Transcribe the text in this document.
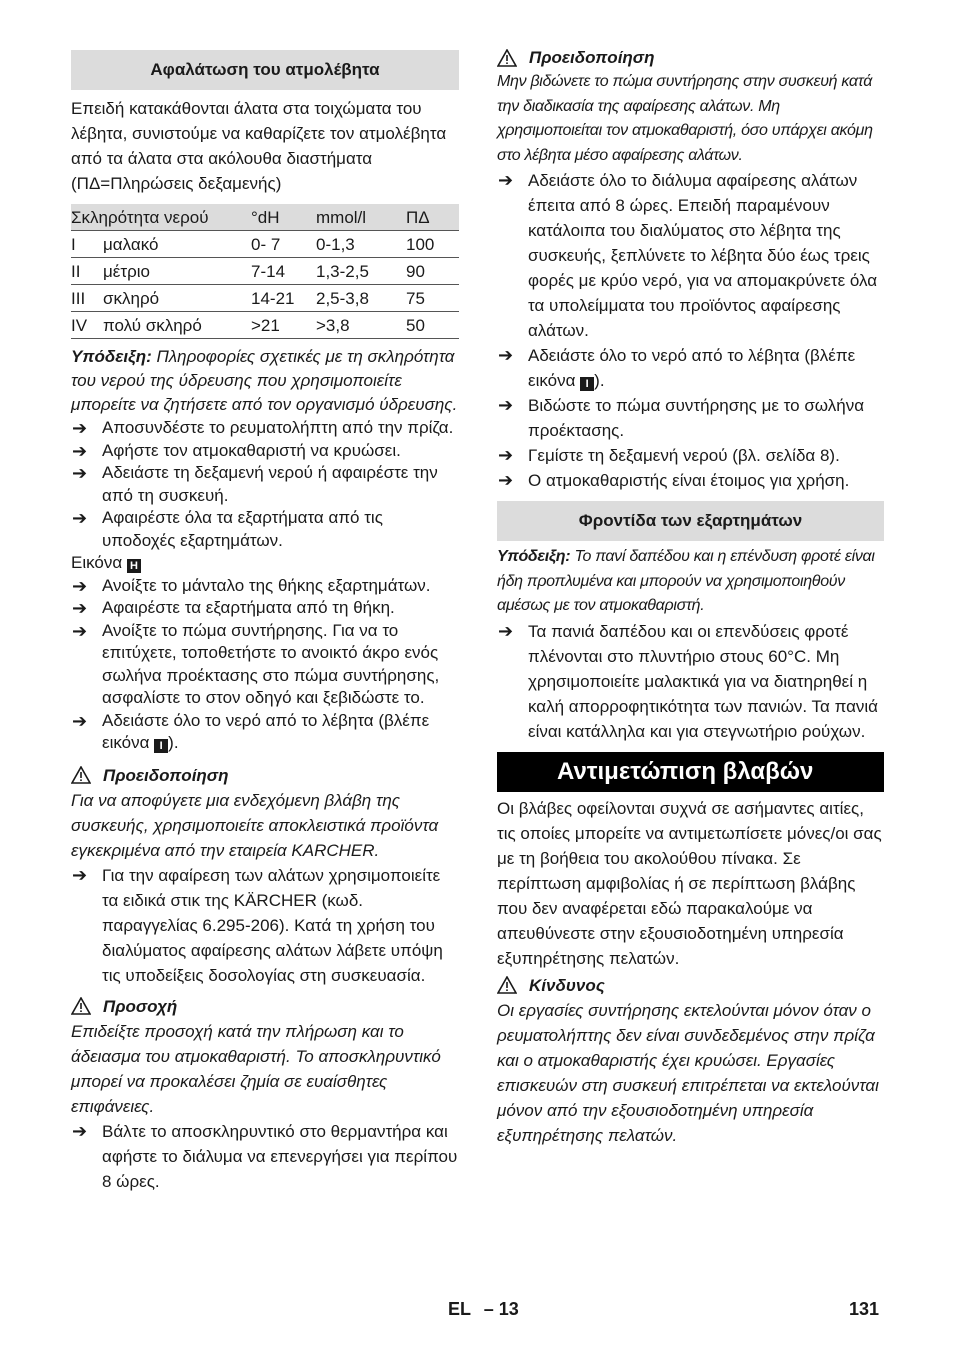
Αφαλάτωση του ατμολέβητα

Επειδή κατακάθονται άλατα στα τοιχώματα του λέβητα, συνιστούμε να καθαρίζετε τον ατμολέβητα από τα άλατα στα ακόλουθα διαστήματα (ΠΔ=Πληρώσεις δεξαμενής)

Σκληρότητα νερού		°dH	mmol/l	ΠΔ
I	μαλακό	0- 7	0-1,3	100
II	μέτριο	7-14	1,3-2,5	90
III	σκληρό	14-21	2,5-3,8	75
IV	πολύ σκληρό	>21	>3,8	50

Υπόδειξη: Πληροφορίες σχετικές με τη σκληρότητα του νερού της ύδρευσης που χρησιμοποιείτε μπορείτε να ζητήσετε από τον οργανισμό ύδρευσης.

➔ Αποσυνδέστε το ρευματολήπτη από την πρίζα.
➔ Αφήστε τον ατμοκαθαριστή να κρυώσει.
➔ Αδειάστε τη δεξαμενή νερού ή αφαιρέστε την από τη συσκευή.
➔ Αφαιρέστε όλα τα εξαρτήματα από τις υποδοχές εξαρτημάτων.
Εικόνα H
➔ Ανοίξτε το μάνταλο της θήκης εξαρτημάτων.
➔ Αφαιρέστε τα εξαρτήματα από τη θήκη.
➔ Ανοίξτε το πώμα συντήρησης. Για να το επιτύχετε, τοποθετήστε το ανοικτό άκρο ενός σωλήνα προέκτασης στο πώμα συντήρησης, ασφαλίστε το στον οδηγό και ξεβιδώστε το.
➔ Αδειάστε όλο το νερό από το λέβητα (βλέπε εικόνα I ).
Προειδοποίηση
Για να αποφύγετε μια ενδεχόμενη βλάβη της συσκευής, χρησιμοποιείτε αποκλειστικά προϊόντα εγκεκριμένα από την εταιρεία KARCHER.
➔ Για την αφαίρεση των αλάτων χρησιμοποιείτε τα ειδικά στικ της KÄRCHER (κωδ. παραγγελίας 6.295-206). Κατά τη χρήση του διαλύματος αφαίρεσης αλάτων λάβετε υπόψη τις υποδείξεις δοσολογίας στη συσκευασία.
Προσοχή
Επιδείξτε προσοχή κατά την πλήρωση και το άδειασμα του ατμοκαθαριστή. Το αποσκληρυντικό μπορεί να προκαλέσει ζημία σε ευαίσθητες επιφάνειες.
➔ Βάλτε το αποσκληρυντικό στο θερμαντήρα και αφήστε το διάλυμα να επενεργήσει για περίπου 8 ώρες.
Προειδοποίηση
Μην βιδώνετε το πώμα συντήρησης στην συσκευή κατά την διαδικασία της αφαίρεσης αλάτων. Μη χρησιμοποιείται τον ατμοκαθαριστή, όσο υπάρχει ακόμη στο λέβητα μέσο αφαίρεσης αλάτων.
➔ Αδειάστε όλο το διάλυμα αφαίρεσης αλάτων έπειτα από 8 ώρες. Επειδή παραμένουν κατάλοιπα του διαλύματος στο λέβητα της συσκευής, ξεπλύνετε το λέβητα δύο έως τρεις φορές με κρύο νερό, για να απομακρύνετε όλα τα υπολείμματα του προϊόντος αφαίρεσης αλάτων.
➔ Αδειάστε όλο το νερό από το λέβητα (βλέπε εικόνα I ).
➔ Βιδώστε το πώμα συντήρησης με το σωλήνα προέκτασης.
➔ Γεμίστε τη δεξαμενή νερού (βλ. σελίδα 8).
➔ Ο ατμοκαθαριστής είναι έτοιμος για χρήση.
Φροντίδα των εξαρτημάτων

Υπόδειξη: Το πανί δαπέδου και η επένδυση φροτέ είναι ήδη προπλυμένα και μπορούν να χρησιμοποιηθούν αμέσως με τον ατμοκαθαριστή.

➔ Τα πανιά δαπέδου και οι επενδύσεις φροτέ πλένονται στο πλυντήριο στους 60°C. Μη χρησιμοποιείτε μαλακτικά για να διατηρηθεί η καλή απορροφητικότητα των πανιών. Τα πανιά είναι κατάλληλα και για στεγνωτήριο ρούχων.
Αντιμετώπιση βλαβών

Οι βλάβες οφείλονται συχνά σε ασήμαντες αιτίες, τις οποίες μπορείτε να αντιμετωπίσετε μόνες/οι σας με τη βοήθεια του ακολούθου πίνακα. Σε περίπτωση αμφιβολίας ή σε περίπτωση βλάβης που δεν αναφέρεται εδώ παρακαλούμε να απευθύνεστε στην εξουσιοδοτημένη υπηρεσία εξυπηρέτησης πελατών.

Κίνδυνος
Οι εργασίες συντήρησης εκτελούνται μόνον όταν ο ρευματολήπτης δεν είναι συνδεδεμένος στην πρίζα και ο ατμοκαθαριστής έχει κρυώσει. Εργασίες επισκευών στη συσκευή επιτρέπεται να εκτελούνται μόνον από την εξουσιοδοτημένη υπηρεσία εξυπηρέτησης πελατών.
EL – 13	131
